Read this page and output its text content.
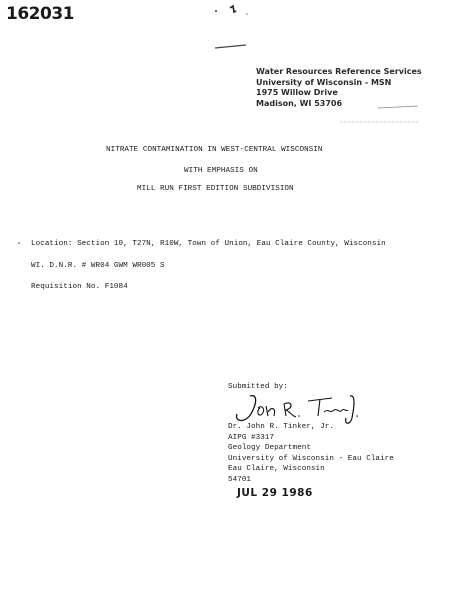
162031
Water Resources Reference Services
University of Wisconsin - MSN
1975 Willow Drive
Madison, WI 53706
NITRATE CONTAMINATION IN WEST-CENTRAL WISCONSIN
WITH EMPHASIS ON
MILL RUN FIRST EDITION SUBDIVISION
Location: Section 10, T27N, R10W, Town of Union, Eau Claire County, Wisconsin
WI. D.N.R. # WR04 GWM WR005 S
Requisition No. F1084
Submitted by:
Dr. John R. Tinker, Jr.
AIPG #3317
Geology Department
University of Wisconsin - Eau Claire
Eau Claire, Wisconsin
54701
JUL 29 1986
